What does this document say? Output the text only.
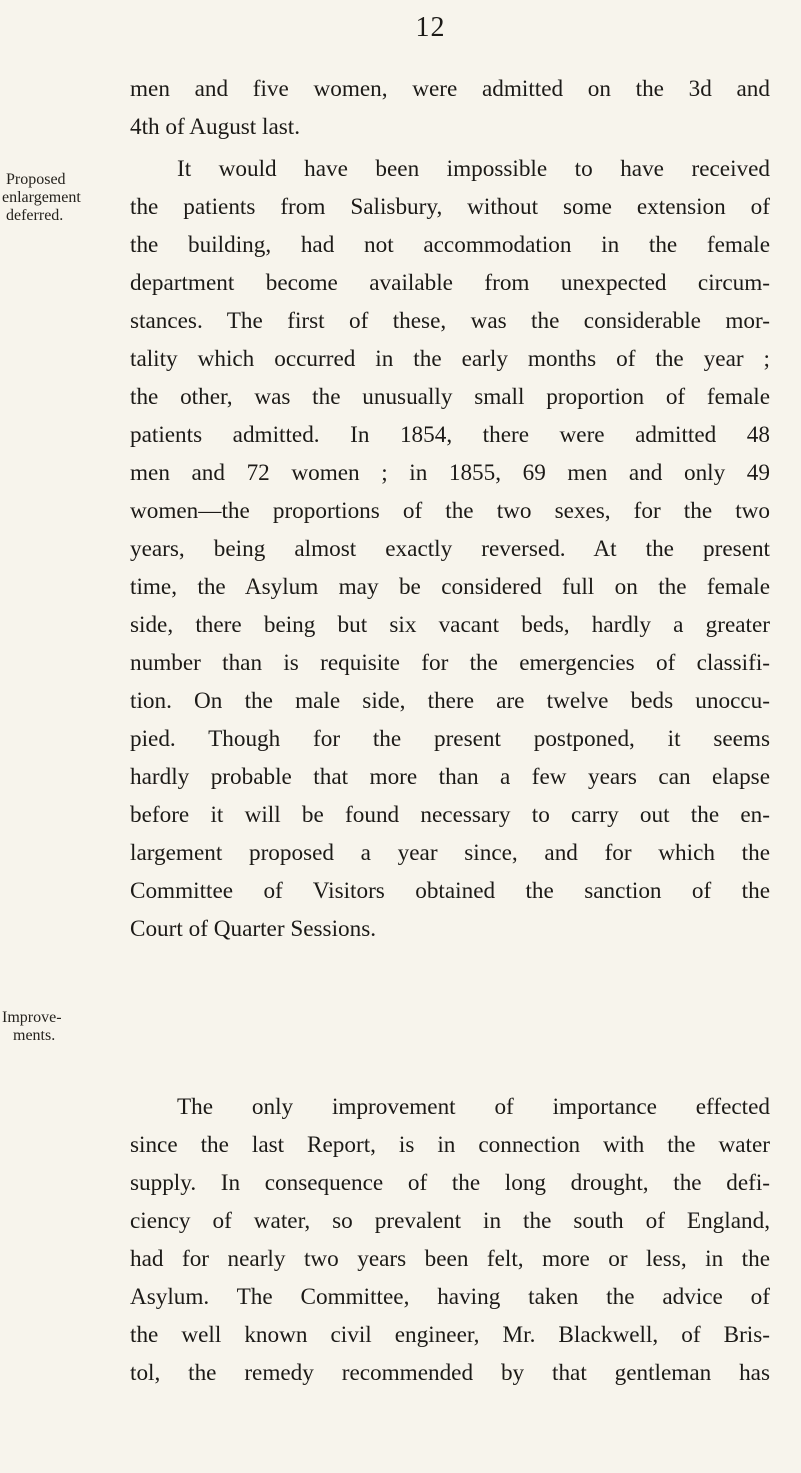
12
men and five women, were admitted on the 3d and
4th of August last.
Proposed
enlargement
deferred.
It would have been impossible to have received
the patients from Salisbury, without some extension of
the building, had not accommodation in the female
department become available from unexpected circum-
stances. The first of these, was the considerable mor-
tality which occurred in the early months of the year ;
the other, was the unusually small proportion of female
patients admitted. In 1854, there were admitted 48
men and 72 women ; in 1855, 69 men and only 49
women—the proportions of the two sexes, for the two
years, being almost exactly reversed. At the present
time, the Asylum may be considered full on the female
side, there being but six vacant beds, hardly a greater
number than is requisite for the emergencies of classifi-
tion. On the male side, there are twelve beds unoccu-
pied. Though for the present postponed, it seems
hardly probable that more than a few years can elapse
before it will be found necessary to carry out the en-
largement proposed a year since, and for which the
Committee of Visitors obtained the sanction of the
Court of Quarter Sessions.
Improve-
ments.
The only improvement of importance effected
since the last Report, is in connection with the water
supply. In consequence of the long drought, the defi-
ciency of water, so prevalent in the south of England,
had for nearly two years been felt, more or less, in the
Asylum. The Committee, having taken the advice of
the well known civil engineer, Mr. Blackwell, of Bris-
tol, the remedy recommended by that gentleman has
